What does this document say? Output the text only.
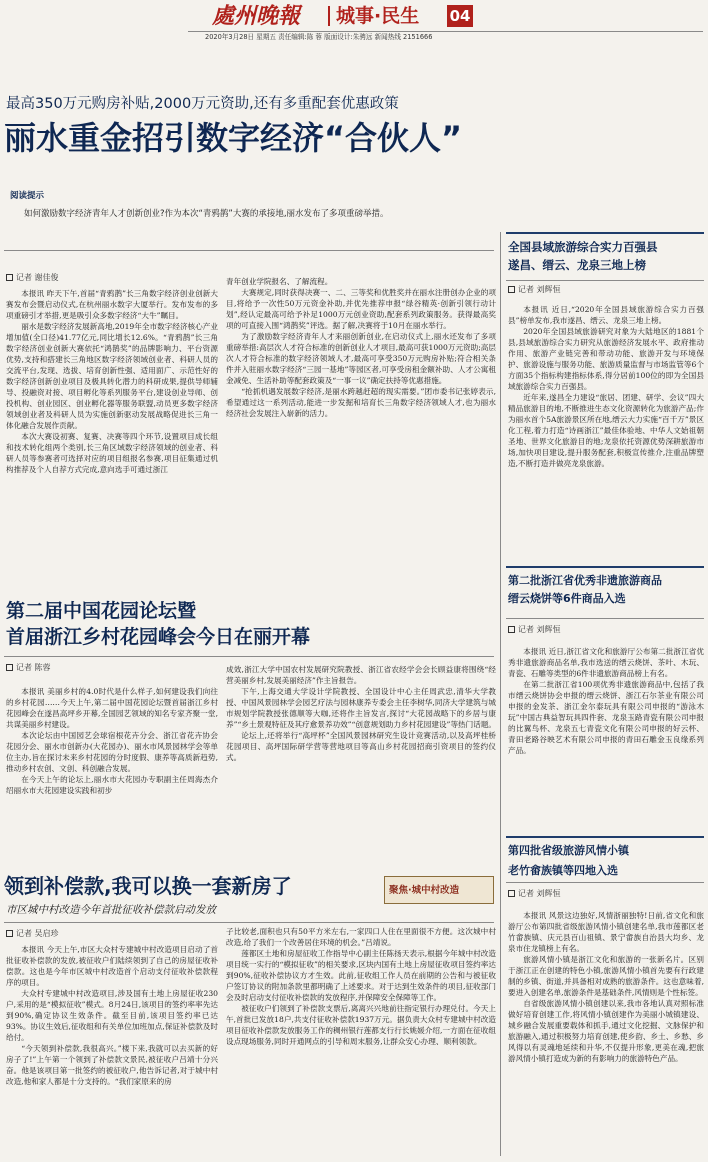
處州晚報	城事·民生	04
2020年3月28日 星期五 责任编辑:陈 蓉 版面设计:朱骋远 新闻热线 2151666
最高350万元购房补贴,2000万元资助,还有多重配套优惠政策
丽水重金招引数字经济“合伙人”
阅读提示
如何激励数字经济青年人才创新创业?作为本次“青鸦鹊”大赛的承接地,丽水发布了多项重磅举措。
记者 谢佳俊

本报讯 昨天下午,首届“青鸦鹊”长三角数字经济创业创新大赛发布会暨启动仪式,在杭州丽水数字大厦举行。发布发布的多项重磅引才举措,更是吸引众多数字经济“大牛”瞩目。

丽水是数字经济发展新高地,2019年全市数字经济核心产业增加值(全口径)41.77亿元,同比增长12.6%。“青鸦鹊”长三角数字经济创业创新大赛依托“鸿鹊奖”的品牌影响力、平台资源优势,支持和搭建长三角地区数字经济领域创业者、科研人员的交流平台,发现、选拔、培育创新性强、适用面广、示范性好的数字经济创新创业项目及极具转化潜力的科研成果,提供导师辅导、投融资对接、项目孵化等系列服务平台,建设创业导师、创投机构、创业园区、创业孵化器等服务联盟,动员更多数字经济领域创业者及科研人员为实施创新驱动发展战略促进长三角一体化融合发展作贡献。

本次大赛设初赛、复赛、决赛等四个环节,设置项目成长组和技术转化组两个类别,长三角区域数字经济领域的创业者、科研人员等参赛者可选择对应的项目组报名参赛,项目征集通过机构推荐及个人自荐方式完成,意向选手可通过浙江

青年创业学院报名、了解流程。

大赛规定,同时获得决赛一、二、三等奖和优胜奖并在丽水注册创办企业的项目,将给予一次性50万元资金补助,并优先推荐申报“绿谷精英·创新引领行动计划”,经认定最高可给予补足1000万元创业资助,配套系列政策服务。获得最高奖项的可直接入围“鸿鹊奖”评选。据了解,决赛将于10月在丽水举行。

为了激励数字经济青年人才来丽创新创业,在启动仪式上,丽水还发布了多项重磅举措:高层次人才符合标准的创新创业人才项目,最高可获1000万元资助;高层次人才符合标准的数字经济领域人才,最高可享受350万元购房补贴;符合相关条件并入驻丽水数字经济“三园一基地”等园区者,可享受房租金额补助、人才公寓租金减免、生活补助等配套政策及“一事一议”确定扶持等优惠措施。

“抢抓机遇发展数字经济,是丽水跨越赶超的现实需要。”团市委书记张婷表示,希望通过这一系列活动,能进一步发掘和培育长三角数字经济领域人才,也为丽水经济社会发展注入崭新的活力。

第二届中国花园论坛暨
首届浙江乡村花园峰会今日在丽开幕
记者 陈蓉

本报讯 美丽乡村的4.0时代是什么样子,如何建设我们向往的乡村花园……今天上午,第二届中国花园论坛暨首届浙江乡村花园峰会在遂昌高坪乡开幕,全国园艺领域的知名专家齐聚一堂,共谋美丽乡村建设。

本次论坛由中国园艺会球宿根花卉分会、浙江省花卉协会花园分会、丽水市创新办(大花园办)、丽水市风景园林学会等单位主办,旨在探讨未来乡村花园的分时度假、康养等高质新趋势,推动乡村农创、文创、科创融合发展。

在今天上午的论坛上,丽水市大花园办专职副主任周海杰介绍丽水市大花园建设实践和初步

成效,浙江大学中国农村发展研究院教授、浙江省农经学会会长顾益康将围绕“经营美丽乡村,发展美丽经济”作主旨报告。

下午,上海交通大学设计学院教授、全国设计中心主任周武忠,清华大学教授、中国风景园林学会园艺疗法与园林康养专委会主任李树华,同济大学建筑与城市规划学院教授张德顺等大咖,还将作主旨发言,探讨“大花园战略下的乡居与康养”“乡土景观特征及其疗愈景养功效”“创意规划助力乡村花园建设”等热门话题。

论坛上,还将举行“高坪杯”全国风景园林研究生设计竞赛活动,以及高坪桂桥花园项目、高坪国际研学营等营地项目等高山乡村花园招商引资项目的签约仪式。

领到补偿款,我可以换一套新房了
市区城中村改造今年首批征收补偿款启动发放
聚焦·城中村改造
记者 吴启珍

本报讯 今天上午,市区大众村专建城中村改造项目启动了首批征收补偿款的发放,被征收户们陆续领到了自己的房屋征收补偿款。这也是今年市区城中村改造首个启动支付征收补偿款程序的项目。

大众村专建城中村改造项目,涉及国有土地上房屋征收230户,采用的是“模拟征收”模式。8月24日,该项目的签约率率先达到90%,确定协议生效条件。截至目前,该项目签约率已达93%。协议生效后,征收组和有关单位加班加点,保证补偿款及时给付。

“今天领到补偿款,我很高兴。”楼下来,我就可以去买新的好房子了!”上午第一个领到了补偿款文景民,被征收户吕靖十分兴奋。他是该项目第一批签约的被征收户,他告诉记者,对于城中村改造,他和家人都是十分支持的。“我们家原来的房

子比较老,面积也只有50平方米左右,一家四口人住在里面很不方便。这次城中村改造,给了我们一个改善居住环境的机会。”吕靖说。

莲都区土地和房屋征收工作指导中心副主任陈扬天表示,根据今年城中村改造项目统一实行的“模拟征收”的相关要求,区块内国有土地上房屋征收项目签约率达到90%,征收补偿协议方才生效。此前,征收组工作人员在前期的公告和与被征收户签订协议的附加条款里都明确了上述要求。对于达到生效条件的项目,征收部门会及时启动支付征收补偿款的发放程序,并保障安全保障等工作。

被征收户们领到了补偿款支票后,离离兴兴地前往指定银行办理兑付。今天上午,首批已发放18户,共支付征收补偿款1937万元。据负责大众村专建城中村改造项目征收补偿款发放服务工作的稠州银行莲都支行行长姚媛介绍,一方面在征收组设点现场服务,同时开通网点的引导和周末服务,让群众安心办理、顺利领款。

全国县域旅游综合实力百强县
遂昌、缙云、龙泉三地上榜
记者 刘辉恒

本报讯 近日,“2020年全国县域旅游综合实力百强县”榜单发布,我市遂昌、缙云、龙泉三地上榜。

2020年全国县域旅游研究对象为大陆地区的1881个县,县域旅游综合实力研究从旅游经济发展水平、政府推动作用、旅游产业链完善和带动功能、旅游开发与环境保护、旅游设施与服务功能、旅游质量监督与市场监管等6个方面35个指标构建指标体系,得分居前100位的即为全国县域旅游综合实力百强县。

近年来,遂昌全力建设“旅居、团建、研学、会议”四大精品旅游目的地,不断推进生态文化资源转化为旅游产品;作为丽水首个5A旅游景区所在地,缙云大力实施“百千万”景区化工程,着力打造“诗画浙江”最佳体验地、中华人文始祖朝圣地、世界文化旅游目的地;龙泉依托资源优势深耕旅游市场,加快项目建设,提升服务配套,积极宣传推介,注重品牌塑造,不断打造并做亮龙泉旅游。

第二批浙江省优秀非遗旅游商品
缙云烧饼等6件商品入选
记者 刘辉恒

本报讯 近日,浙江省文化和旅游厅公布第二批浙江省优秀非遗旅游商品名单,我市选送的缙云烧饼、茶叶、木玩、青瓷、石雕等类型的6件非遗旅游商品榜上有名。

在第二批浙江省100项优秀非遗旅游商品中,包括了我市缙云烧饼协会申报的缙云烧饼、浙江石尔茶业有限公司申报的金发茶、浙江金尔泰玩具有限公司申报的“游泳木玩”中国古典益智玩具四件套、龙泉玉路青瓷有限公司申报的比翼鸟杯、龙泉五七青瓷文化有限公司申报的好云杯、青田老路谷映艺术有限公司申报的青田石雕金玉良缘系列产品。

第四批省级旅游风情小镇
老竹畲族镇等四地入选
记者 刘辉恒

本报讯 风景这边独好,风情浙丽独特!日前,省文化和旅游厅公布第四批省级旅游风情小镇创建名单,我市莲都区老竹畲族镇、庆元县百山祖镇、景宁畲族自治县大均乡、龙泉市住龙镇榜上有名。

旅游风情小镇是浙江文化和旅游的一张新名片。区别于浙江正在创建的特色小镇,旅游风情小镇首先要有行政建制的乡镇、街道,并具备相对成熟的旅游条件。这也意味着,要进入创建名单,旅游条件是基础条件,风情则是个性标签。

自省级旅游风情小镇创建以来,我市各地认真对照标准做好培育创建工作,将风情小镇创建作为美丽小城镇建设、城乡融合发展重要载体和抓手,通过文化挖掘、文脉保护和旅游融入,通过积极努力培育创建,使乡韵、乡土、乡愁、乡风得以有灵魂地延续和升华,不仅提升形象,更美在魂,把旅游风情小镇打造成为新的有影响力的旅游特色产品。
